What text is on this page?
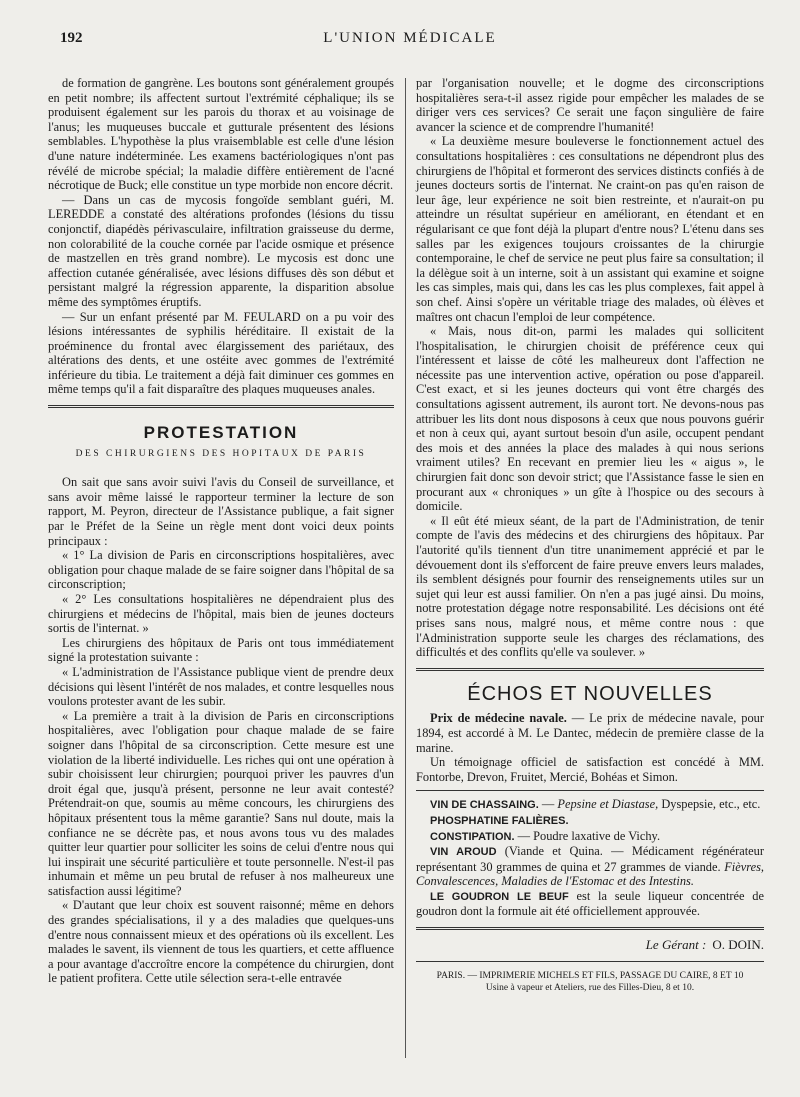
192	L'UNION MÉDICALE

de formation de gangrène. Les boutons sont généralement groupés en petit nombre; ils affectent surtout l'extrémité céphalique; ils se produisent également sur les parois du thorax et au voisinage de l'anus; les muqueuses buccale et gutturale présentent des lésions semblables. L'hypothèse la plus vraisemblable est celle d'une lésion d'une nature indéterminée. Les examens bactériologiques n'ont pas révélé de microbe spécial; la maladie diffère entièrement de l'acné nécrotique de Buck; elle constitue un type morbide non encore décrit.

— Dans un cas de mycosis fongoïde semblant guéri, M. LEREDDE a constaté des altérations profondes (lésions du tissu conjonctif, diapédès périvasculaire, infiltration graisseuse du derme, non colorabilité de la couche cornée par l'acide osmique et présence de mastzellen en très grand nombre). Le mycosis est donc une affection cutanée généralisée, avec lésions diffuses dès son début et persistant malgré la régression apparente, la disparition absolue même des symptômes éruptifs.

— Sur un enfant présenté par M. FEULARD on a pu voir des lésions intéressantes de syphilis héréditaire. Il existait de la proéminence du frontal avec élargissement des pariétaux, des altérations des dents, et une ostéite avec gommes de l'extrémité inférieure du tibia. Le traitement a déjà fait diminuer ces gommes en même temps qu'il a fait disparaître des plaques muqueuses anales.

PROTESTATION
DES CHIRURGIENS DES HOPITAUX DE PARIS

On sait que sans avoir suivi l'avis du Conseil de surveillance, et sans avoir même laissé le rapporteur terminer la lecture de son rapport, M. Peyron, directeur de l'Assistance publique, a fait signer par le Préfet de la Seine un règle ment dont voici deux points principaux :

« 1° La division de Paris en circonscriptions hospitalières, avec obligation pour chaque malade de se faire soigner dans l'hôpital de sa circonscription;

« 2° Les consultations hospitalières ne dépendraient plus des chirurgiens et médecins de l'hôpital, mais bien de jeunes docteurs sortis de l'internat. »

Les chirurgiens des hôpitaux de Paris ont tous immédiatement signé la protestation suivante :

« L'administration de l'Assistance publique vient de prendre deux décisions qui lèsent l'intérêt de nos malades, et contre lesquelles nous voulons protester avant de les subir.

« La première a trait à la division de Paris en circonscriptions hospitalières, avec l'obligation pour chaque malade de se faire soigner dans l'hôpital de sa circonscription. Cette mesure est une violation de la liberté individuelle. Les riches qui ont une opération à subir choisissent leur chirurgien; pourquoi priver les pauvres d'un droit égal que, jusqu'à présent, personne ne leur avait contesté? Prétendrait-on que, soumis au même concours, les chirurgiens des hôpitaux présentent tous la même garantie? Sans nul doute, mais la confiance ne se décrète pas, et nous avons tous vu des malades quitter leur quartier pour solliciter les soins de celui d'entre nous qui lui inspirait une sécurité particulière et toute personnelle. N'est-il pas inhumain et même un peu brutal de refuser à nos malheureux une satisfaction aussi légitime?

« D'autant que leur choix est souvent raisonné; même en dehors des grandes spécialisations, il y a des maladies que quelques-uns d'entre nous connaissent mieux et des opérations où ils excellent. Les malades le savent, ils viennent de tous les quartiers, et cette affluence a pour avantage d'accroître encore la compétence du chirurgien, dont le patient profitera. Cette utile sélection sera-t-elle entravée

par l'organisation nouvelle; et le dogme des circonscriptions hospitalières sera-t-il assez rigide pour empêcher les malades de se diriger vers ces services? Ce serait une façon singulière de faire avancer la science et de comprendre l'humanité!

« La deuxième mesure bouleverse le fonctionnement actuel des consultations hospitalières : ces consultations ne dépendront plus des chirurgiens de l'hôpital et formeront des services distincts confiés à de jeunes docteurs sortis de l'internat. Ne craint-on pas qu'en raison de leur âge, leur expérience ne soit bien restreinte, et n'aurait-on pu atteindre un résultat supérieur en améliorant, en étendant et en régularisant ce que font déjà la plupart d'entre nous? L'étenu dans ses salles par les exigences toujours croissantes de la chirurgie contemporaine, le chef de service ne peut plus faire sa consultation; il la délègue soit à un interne, soit à un assistant qui examine et soigne les cas simples, mais qui, dans les cas les plus complexes, fait appel à son chef. Ainsi s'opère un véritable triage des malades, où élèves et maîtres ont chacun l'emploi de leur compétence.

« Mais, nous dit-on, parmi les malades qui sollicitent l'hospitalisation, le chirurgien choisit de préférence ceux qui l'intéressent et laisse de côté les malheureux dont l'affection ne nécessite pas une intervention active, opération ou pose d'appareil. C'est exact, et si les jeunes docteurs qui vont être chargés des consultations agissent autrement, ils auront tort. Ne devons-nous pas attribuer les lits dont nous disposons à ceux que nous pouvons guérir et non à ceux qui, ayant surtout besoin d'un asile, occupent pendant des mois et des années la place des malades à qui nous serions vraiment utiles? En recevant en premier lieu les « aigus », le chirurgien fait donc son devoir strict; que l'Assistance fasse le sien en procurant aux « chroniques » un gîte à l'hospice ou des secours à domicile.

« Il eût été mieux séant, de la part de l'Administration, de tenir compte de l'avis des médecins et des chirurgiens des hôpitaux. Par l'autorité qu'ils tiennent d'un titre unanimement apprécié et par le dévouement dont ils s'efforcent de faire preuve envers leurs malades, ils semblent désignés pour fournir des renseignements utiles sur un sujet qui leur est aussi familier. On n'en a pas jugé ainsi. Du moins, notre protestation dégage notre responsabilité. Les décisions ont été prises sans nous, malgré nous, et même contre nous : que l'Administration supporte seule les charges des réclamations, des difficultés et des conflits qu'elle va soulever. »

ÉCHOS ET NOUVELLES

Prix de médecine navale. — Le prix de médecine navale, pour 1894, est accordé à M. Le Dantec, médecin de première classe de la marine.

Un témoignage officiel de satisfaction est concédé à MM. Fontorbe, Drevon, Fruitet, Mercié, Bohéas et Simon.

VIN DE CHASSAING. — Pepsine et Diastase, Dyspepsie, etc., etc.

PHOSPHATINE FALIÈRES.

CONSTIPATION. — Poudre laxative de Vichy.

VIN AROUD (Viande et Quina. — Médicament régénérateur représentant 30 grammes de quina et 27 grammes de viande. Fièvres, Convalescences, Maladies de l'Estomac et des Intestins.

LE GOUDRON LE BEUF est la seule liqueur concentrée de goudron dont la formule ait été officiellement approuvée.

Le Gérant : O. DOIN.
PARIS. — IMPRIMERIE MICHELS ET FILS, PASSAGE DU CAIRE, 8 ET 10
Usine à vapeur et Ateliers, rue des Filles-Dieu, 8 et 10.
